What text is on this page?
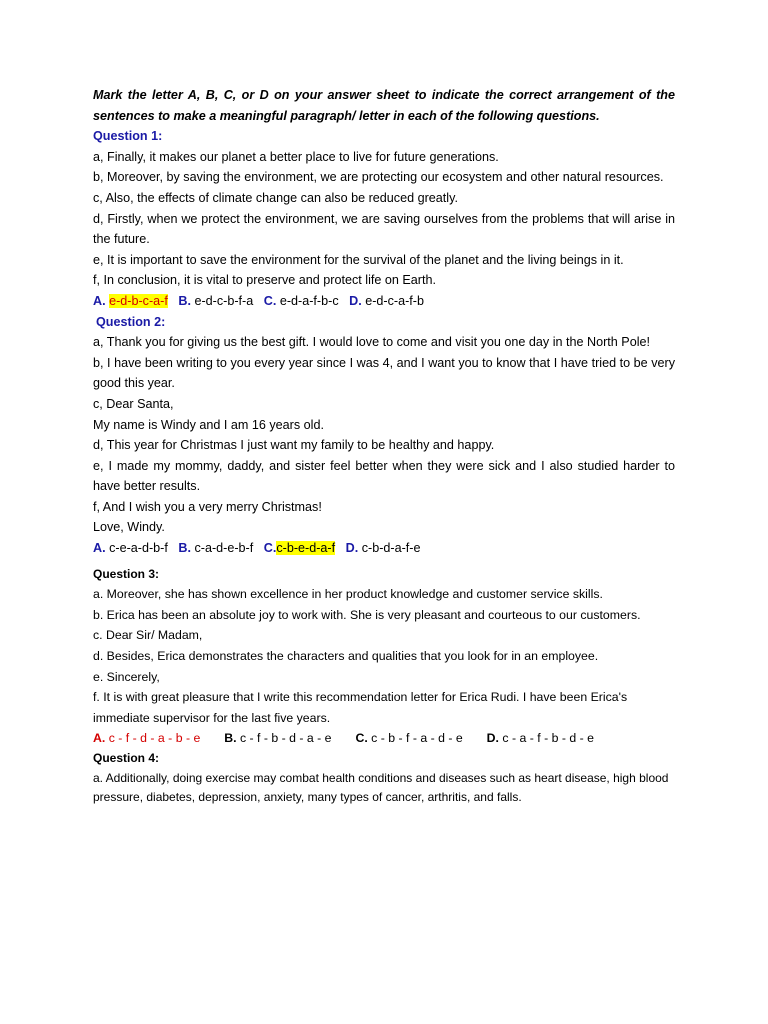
Mark the letter A, B, C, or D on your answer sheet to indicate the correct arrangement of the sentences to make a meaningful paragraph/ letter in each of the following questions.
Question 1:
a, Finally, it makes our planet a better place to live for future generations.
b, Moreover, by saving the environment, we are protecting our ecosystem and other natural resources.
c, Also, the effects of climate change can also be reduced greatly.
d, Firstly, when we protect the environment, we are saving ourselves from the problems that will arise in the future.
e, It is important to save the environment for the survival of the planet and the living beings in it.
f, In conclusion, it is vital to preserve and protect life on Earth.
A. e-d-b-c-a-f B. e-d-c-b-f-a C. e-d-a-f-b-c D. e-d-c-a-f-b
Question 2:
a, Thank you for giving us the best gift. I would love to come and visit you one day in the North Pole!
b, I have been writing to you every year since I was 4, and I want you to know that I have tried to be very good this year.
c, Dear Santa,
My name is Windy and I am 16 years old.
d, This year for Christmas I just want my family to be healthy and happy.
e, I made my mommy, daddy, and sister feel better when they were sick and I also studied harder to have better results.
f, And I wish you a very merry Christmas!
Love, Windy.
A. c-e-a-d-b-f B. c-a-d-e-b-f C.c-b-e-d-a-f D. c-b-d-a-f-e
Question 3:
a. Moreover, she has shown excellence in her product knowledge and customer service skills.
b. Erica has been an absolute joy to work with. She is very pleasant and courteous to our customers.
c. Dear Sir/ Madam,
d. Besides, Erica demonstrates the characters and qualities that you look for in an employee.
e. Sincerely,
f. It is with great pleasure that I write this recommendation letter for Erica Rudi. I have been Erica's immediate supervisor for the last five years.
A. c - f - d - a - b - e B. c - f - b - d - a - e C. c - b - f - a - d - e D. c - a - f - b - d - e
Question 4:
a. Additionally, doing exercise may combat health conditions and diseases such as heart disease, high blood pressure, diabetes, depression, anxiety, many types of cancer, arthritis, and falls.
